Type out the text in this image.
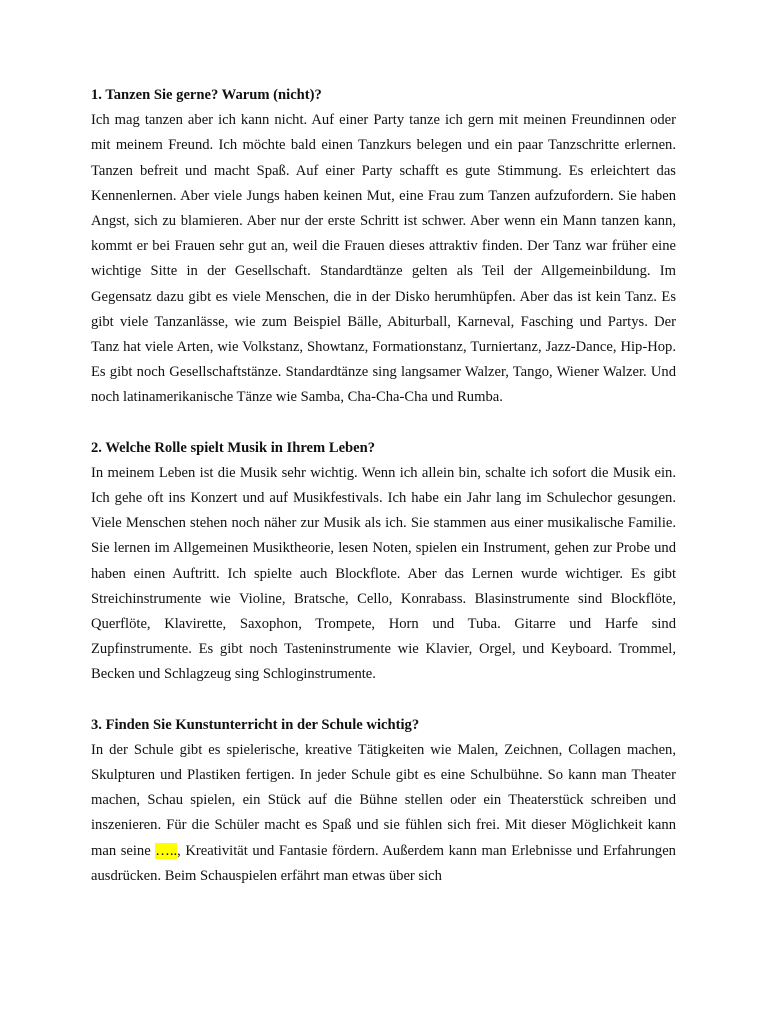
1. Tanzen Sie gerne? Warum (nicht)?

Ich mag tanzen aber ich kann nicht. Auf einer Party tanze ich gern mit meinen Freundinnen oder mit meinem Freund. Ich möchte bald einen Tanzkurs belegen und ein paar Tanzschritte erlernen. Tanzen befreit und macht Spaß. Auf einer Party schafft es gute Stimmung. Es erleichtert das Kennenlernen. Aber viele Jungs haben keinen Mut, eine Frau zum Tanzen aufzufordern. Sie haben Angst, sich zu blamieren. Aber nur der erste Schritt ist schwer. Aber wenn ein Mann tanzen kann, kommt er bei Frauen sehr gut an, weil die Frauen dieses attraktiv finden. Der Tanz war früher eine wichtige Sitte in der Gesellschaft. Standardtänze gelten als Teil der Allgemeinbildung. Im Gegensatz dazu gibt es viele Menschen, die in der Disko herumhüpfen. Aber das ist kein Tanz. Es gibt viele Tanzanlässe, wie zum Beispiel Bälle, Abiturball, Karneval, Fasching und Partys. Der Tanz hat viele Arten, wie Volkstanz, Showtanz, Formationstanz, Turniertanz, Jazz-Dance, Hip-Hop. Es gibt noch Gesellschaftstänze. Standardtänze sing langsamer Walzer, Tango, Wiener Walzer. Und noch latinamerikanische Tänze wie Samba, Cha-Cha-Cha und Rumba.

2. Welche Rolle spielt Musik in Ihrem Leben?

In meinem Leben ist die Musik sehr wichtig. Wenn ich allein bin, schalte ich sofort die Musik ein. Ich gehe oft ins Konzert und auf Musikfestivals. Ich habe ein Jahr lang im Schulechor gesungen. Viele Menschen stehen noch näher zur Musik als ich. Sie stammen aus einer musikalische Familie. Sie lernen im Allgemeinen Musiktheorie, lesen Noten, spielen ein Instrument, gehen zur Probe und haben einen Auftritt. Ich spielte auch Blockflote. Aber das Lernen wurde wichtiger. Es gibt Streichinstrumente wie Violine, Bratsche, Cello, Konrabass. Blasinstrumente sind Blockflöte, Querflöte, Klavirette, Saxophon, Trompete, Horn und Tuba. Gitarre und Harfe sind Zupfinstrumente. Es gibt noch Tasteninstrumente wie Klavier, Orgel, und Keyboard. Trommel, Becken und Schlagzeug sing Schloginstrumente.

3. Finden Sie Kunstunterricht in der Schule wichtig?

In der Schule gibt es spielerische, kreative Tätigkeiten wie Malen, Zeichnen, Collagen machen, Skulpturen und Plastiken fertigen. In jeder Schule gibt es eine Schulbühne. So kann man Theater machen, Schau spielen, ein Stück auf die Bühne stellen oder ein Theaterstück schreiben und inszenieren. Für die Schüler macht es Spaß und sie fühlen sich frei. Mit dieser Möglichkeit kann man seine ….., Kreativität und Fantasie fördern. Außerdem kann man Erlebnisse und Erfahrungen ausdrücken. Beim Schauspielen erfährt man etwas über sich
